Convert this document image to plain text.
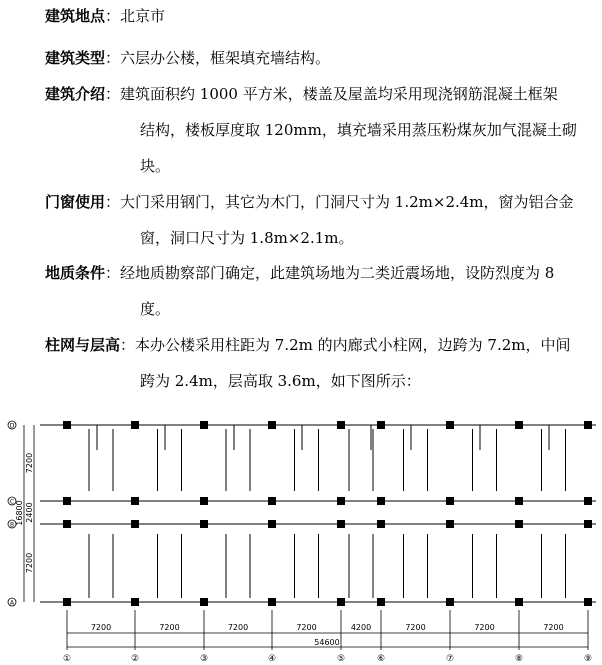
建筑地点：北京市
建筑类型：六层办公楼，框架填充墙结构。
建筑介绍：建筑面积约 1000 平方米，楼盖及屋盖均采用现浇钢筋混凝土框架
结构，楼板厚度取 120mm，填充墙采用蒸压粉煤灰加气混凝土砌
块。
门窗使用：大门采用钢门，其它为木门，门洞尺寸为 1.2m×2.4m，窗为铝合金
窗，洞口尺寸为 1.8m×2.1m。
地质条件：经地质勘察部门确定，此建筑场地为二类近震场地，设防烈度为 8
度。
柱网与层高：本办公楼采用柱距为 7.2m 的内廊式小柱网，边跨为 7.2m，中间
跨为 2.4m，层高取 3.6m，如下图所示：
7200	7200	7200	7200	4200	7200	7200	7200
54600
7200
2400
7200
16800
①	②	③	④	⑤	⑥	⑦	⑧	⑨
D
C
B
A
